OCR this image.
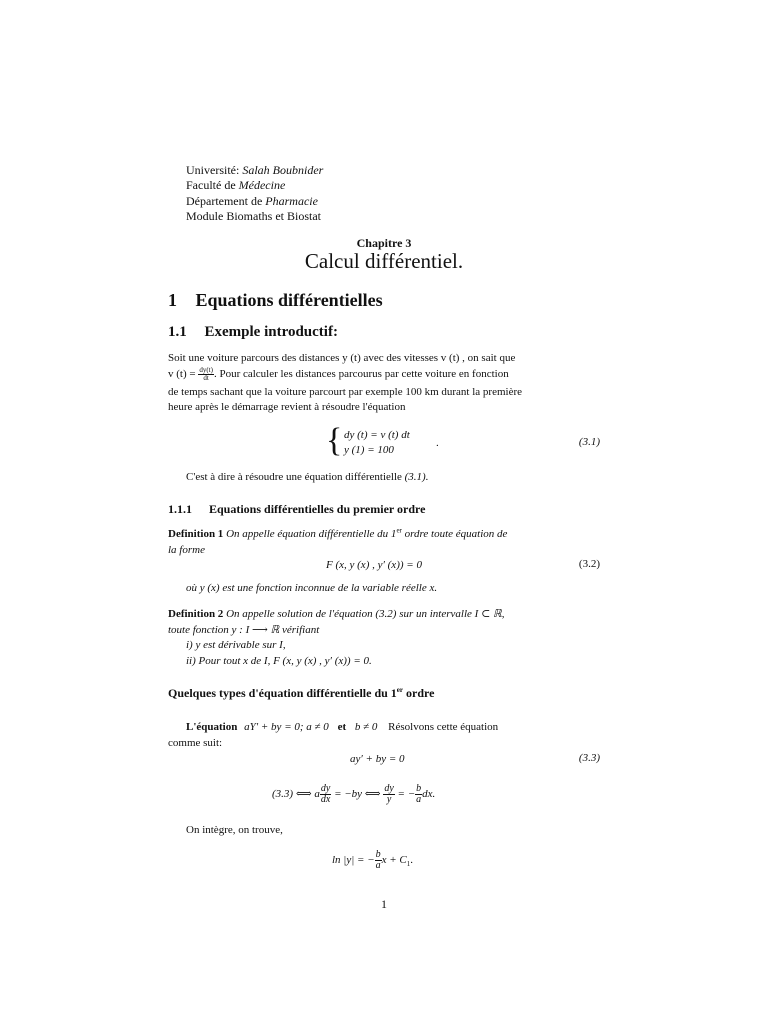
Université: Salah Boubnider
Faculté de Médecine
Département de Pharmacie
Module Biomaths et Biostat
Chapitre 3
Calcul différentiel.
1 Equations différentielles
1.1 Exemple introductif:
Soit une voiture parcours des distances y (t) avec des vitesses v (t) , on sait que
v $(t) = \frac{dy(t)}{dt}$ . Pour calculer les distances parcourus par cette voiture en fonction
de temps sachant que la voiture parcourt par exemple 100 km durant la première
heure après le démarrage revient à résoudre l'équation
{ dy (t) = v (t) dt
y (1) = 100
.	(3.1)
C'est à dire à résoudre une équation différentielle (3.1).
1.1.1 Equations différentielles du premier ordre
Definition 1 On appelle équation différentielle du 1er ordre toute équation de
la forme
F (x, y (x) , y′ (x)) = 0	(3.2)
où y (x) est une fonction inconnue de la variable réelle x.
Definition 2 On appelle solution de l'équation (3.2) sur un intervalle I ⊂ ℝ,
toute fonction y : I ⟶ ℝ vérifiant
i) y est dérivable sur I,
ii) Pour tout x de I, F (x, y (x) , y′ (x)) = 0.
Quelques types d'équation différentielle du 1er ordre
L'équation aY′ + by = 0; a ≠ 0 et b ≠ 0 Résolvons cette équation
comme suit:
ay′ + by = 0	(3.3)
(3.3) ⟺ a $\frac{dy}{dx} = -by$ ⟺ $\frac{dy}{y}$ = − $\frac{b}{a}$ dx.
On intègre, on trouve,
ln |y| = − $\frac{b}{a}$ $x + C_1$.
1
